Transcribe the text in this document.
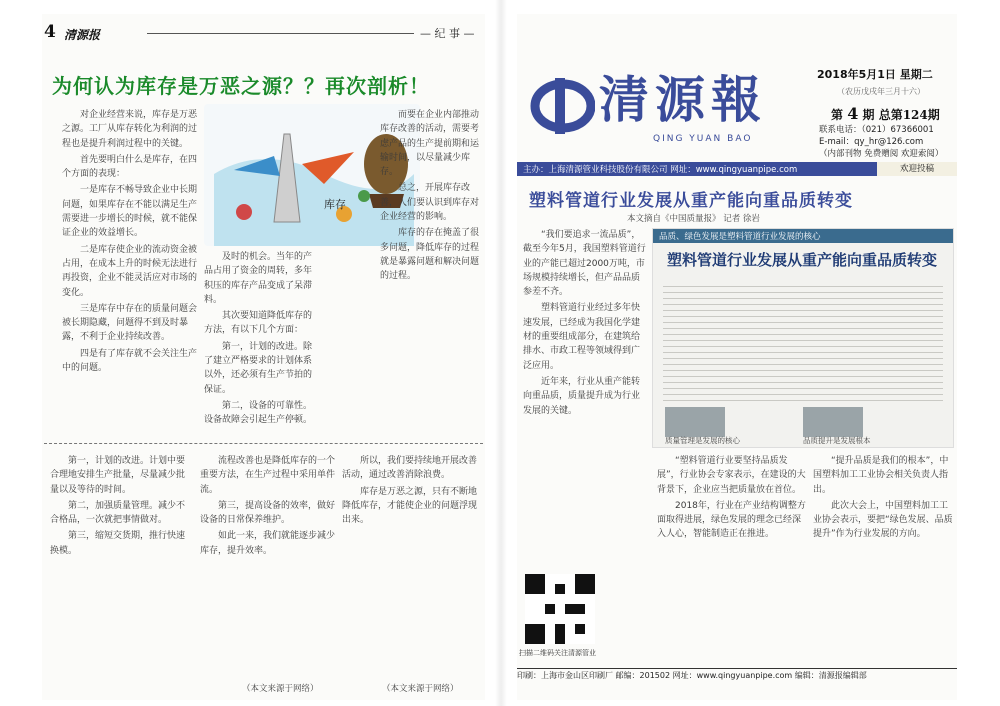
4 清源报	— 纪 事 —
为何认为库存是万恶之源？？再次剖析！

对企业经营来说，库存是万恶之源。工厂从库存转化为利润的过程也是提升利润过程中的关键。

首先要明白什么是库存，在四个方面的表现：

一是库存不畅导致企业中长期问题，如果库存在不能以满足生产需要进一步增长的时候，就不能保证企业的效益增长。

二是库存使企业的流动资金被占用，在成本上升的时候无法进行再投资，企业不能灵活应对市场的变化。

三是库存中存在的质量问题会被长期隐藏，问题得不到及时暴露，不利于企业持续改善。

四是有了库存就不会关注生产中的问题。

库存

及时的机会。当年的产品占用了资金的周转，多年积压的库存产品变成了呆滞料。

其次要知道降低库存的方法，有以下几个方面：

第一，计划的改进。除了建立严格要求的计划体系以外，还必须有生产节拍的保证。

第二，设备的可靠性。设备故障会引起生产停顿。

而要在企业内部推动库存改善的活动，需要考虑产品的生产提前期和运输时间，以尽量减少库存。

总之，开展库存改善，人们要认识到库存对企业经营的影响。

库存的存在掩盖了很多问题，降低库存的过程就是暴露问题和解决问题的过程。

第一，计划的改进。计划中要合理地安排生产批量，尽量减少批量以及等待的时间。

第二，加强质量管理。减少不合格品，一次就把事情做对。

第三，缩短交货期，推行快速换模。

流程改善也是降低库存的一个重要方法，在生产过程中采用单件流。

第三，提高设备的效率，做好设备的日常保养维护。

如此一来，我们就能逐步减少库存，提升效率。

（本文来源于网络）

所以，我们要持续地开展改善活动，通过改善消除浪费。

库存是万恶之源，只有不断地降低库存，才能使企业的问题浮现出来。

（本文来源于网络）
清源報
QING YUAN BAO
2018年5月1日 星期二
（农历戊戌年三月十六）
第 4 期 总第124期
联系电话：（021）67366001
E-mail：qy_hr@126.com
（内部刊物 免费赠阅 欢迎索阅）
主办：上海清源管业科技股份有限公司 网址：www.qingyuanpipe.com	欢迎投稿
塑料管道行业发展从重产能向重品质转变
本文摘自《中国质量报》 记者 徐岩

“我们要追求一流品质”，截至今年5月，我国塑料管道行业的产能已超过2000万吨，市场规模持续增长，但产品品质参差不齐。

塑料管道行业经过多年快速发展，已经成为我国化学建材的重要组成部分，在建筑给排水、市政工程等领域得到广泛应用。

近年来，行业从重产能转向重品质，质量提升成为行业发展的关键。

品质、绿色发展是塑料管道行业发展的核心
塑料管道行业发展从重产能向重品质转变
质量管理是发展的核心	品质提升是发展根本

“塑料管道行业要坚持品质发展”，行业协会专家表示，在建设的大背景下，企业应当把质量放在首位。

2018年，行业在产业结构调整方面取得进展，绿色发展的理念已经深入人心，智能制造正在推进。

“提升品质是我们的根本”，中国塑料加工工业协会相关负责人指出。

此次大会上，中国塑料加工工业协会表示，要把“绿色发展、品质提升”作为行业发展的方向。

扫描二维码关注清源管业
印刷：上海市金山区印刷厂 邮编：201502 网址：www.qingyuanpipe.com 编辑：清源报编辑部
